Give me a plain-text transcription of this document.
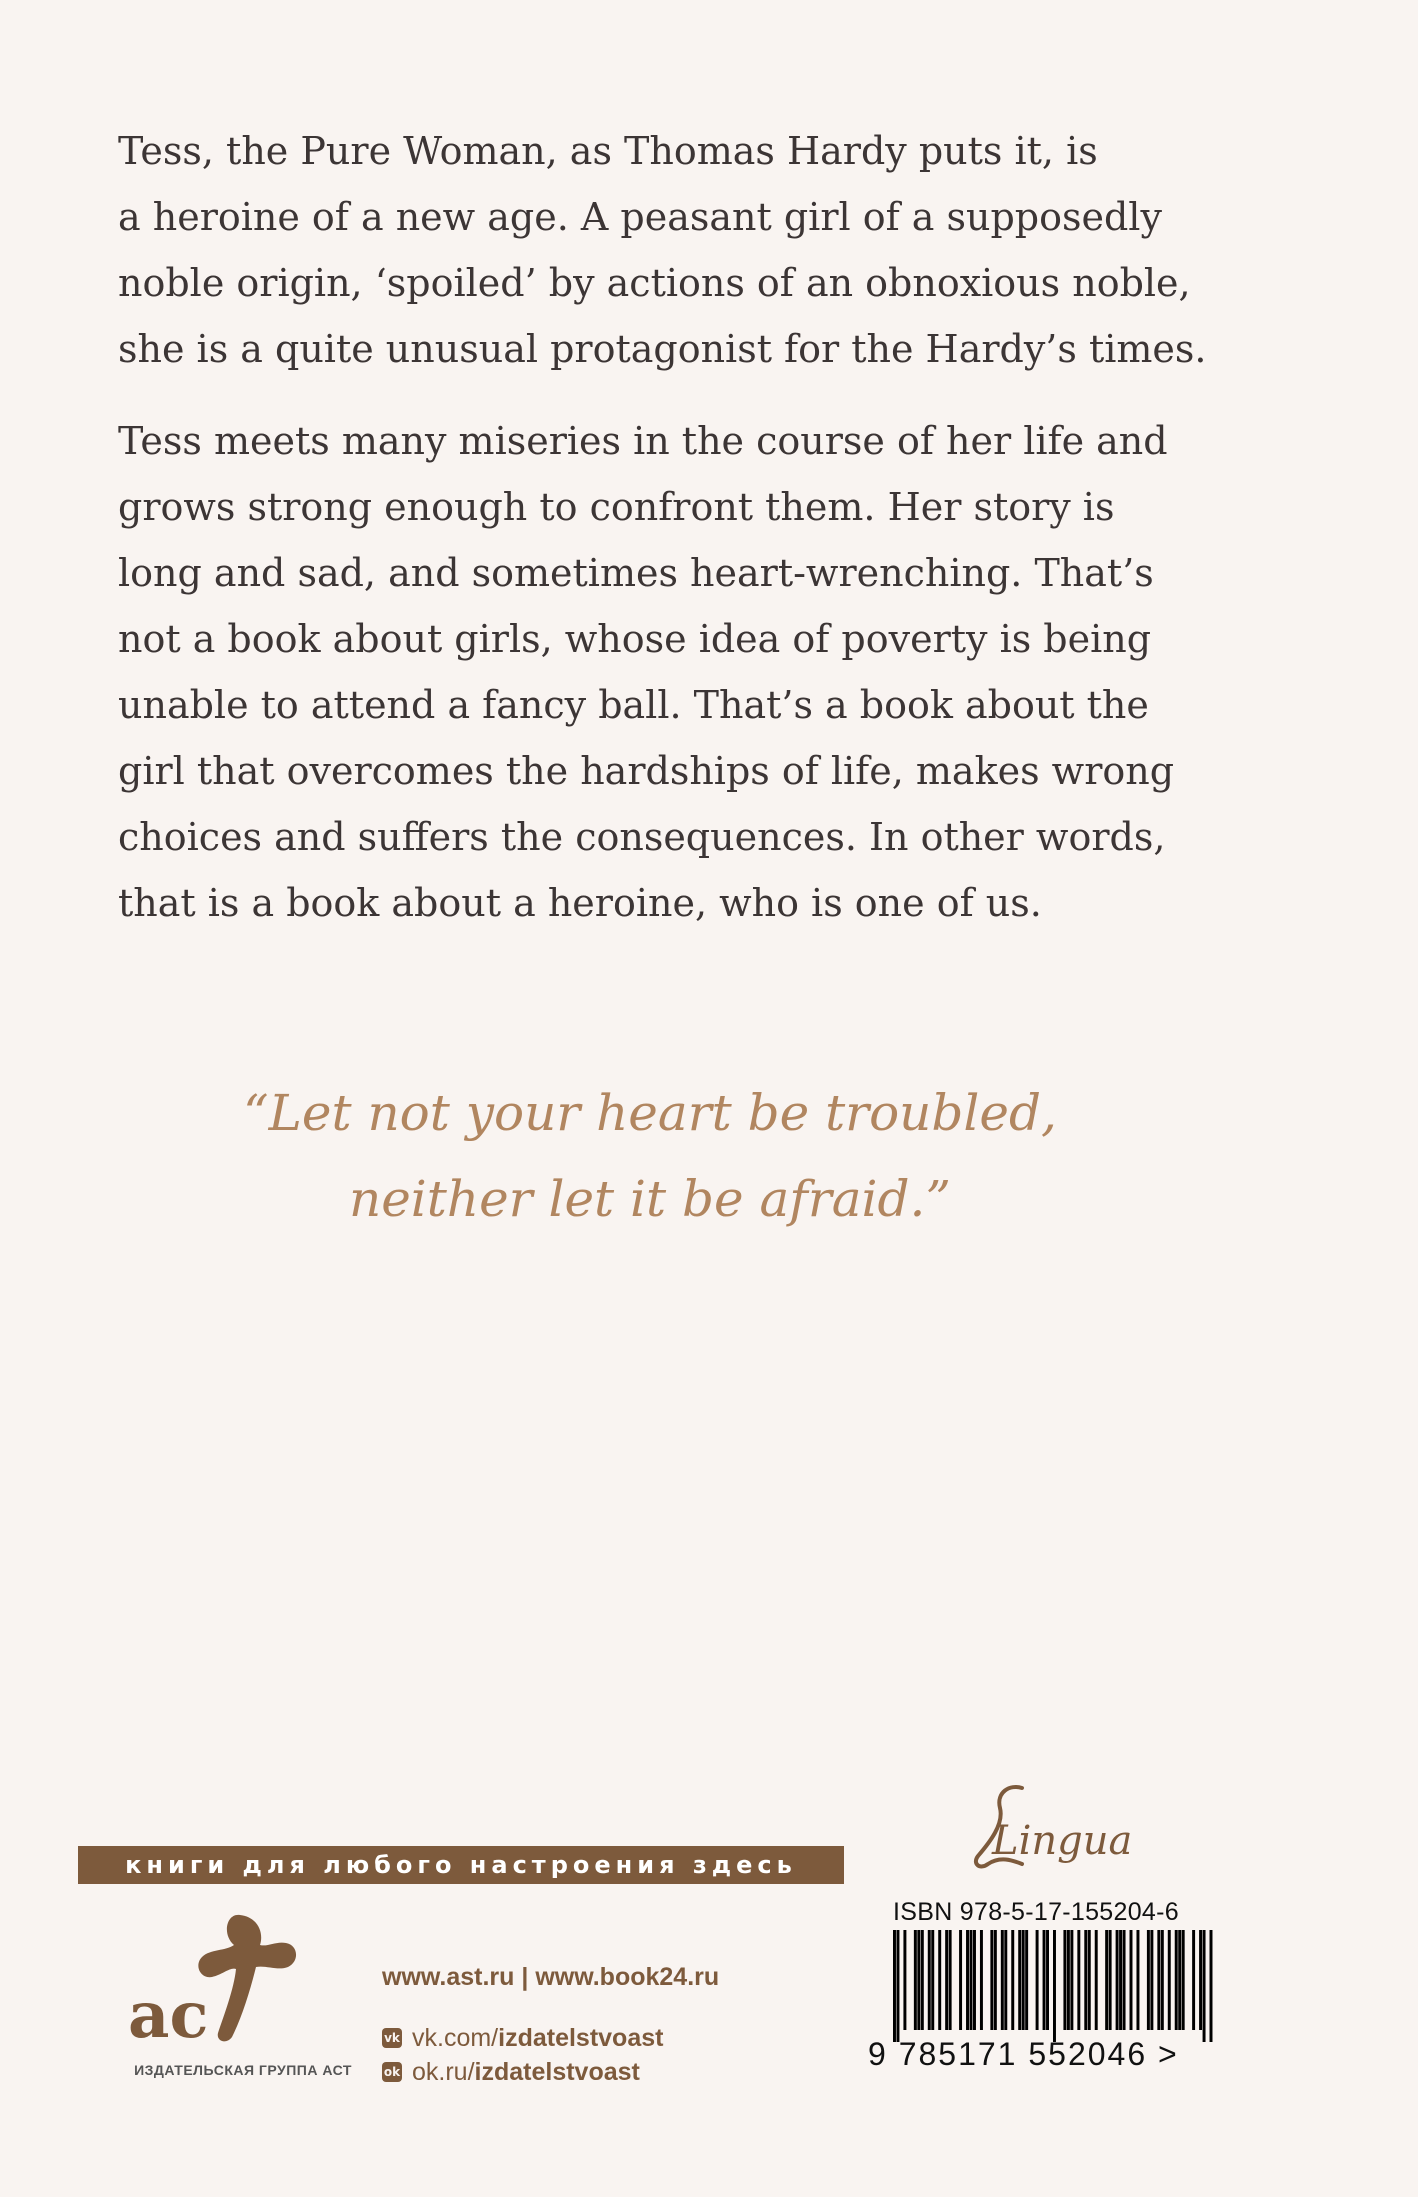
Tess, the Pure Woman, as Thomas Hardy puts it, is
a heroine of a new age. A peasant girl of a supposedly
noble origin, ‘spoiled’ by actions of an obnoxious noble,
she is a quite unusual protagonist for the Hardy’s times.
Tess meets many miseries in the course of her life and
grows strong enough to confront them. Her story is
long and sad, and sometimes heart-wrenching. That’s
not a book about girls, whose idea of poverty is being
unable to attend a fancy ball. That’s a book about the
girl that overcomes the hardships of life, makes wrong
choices and suffers the consequences. In other words,
that is a book about a heroine, who is one of us.
“Let not your heart be troubled,
neither let it be afraid.”
книги для любого настроения здесь
ac
ИЗДАТЕЛЬСКАЯ ГРУППА АСТ
www.ast.ru | www.book24.ru
vk vk.com/ izdatelstvoast
ok ok.ru/ izdatelstvoast
Lingua
ISBN 978-5-17-155204-6
9 785171 552046 >
